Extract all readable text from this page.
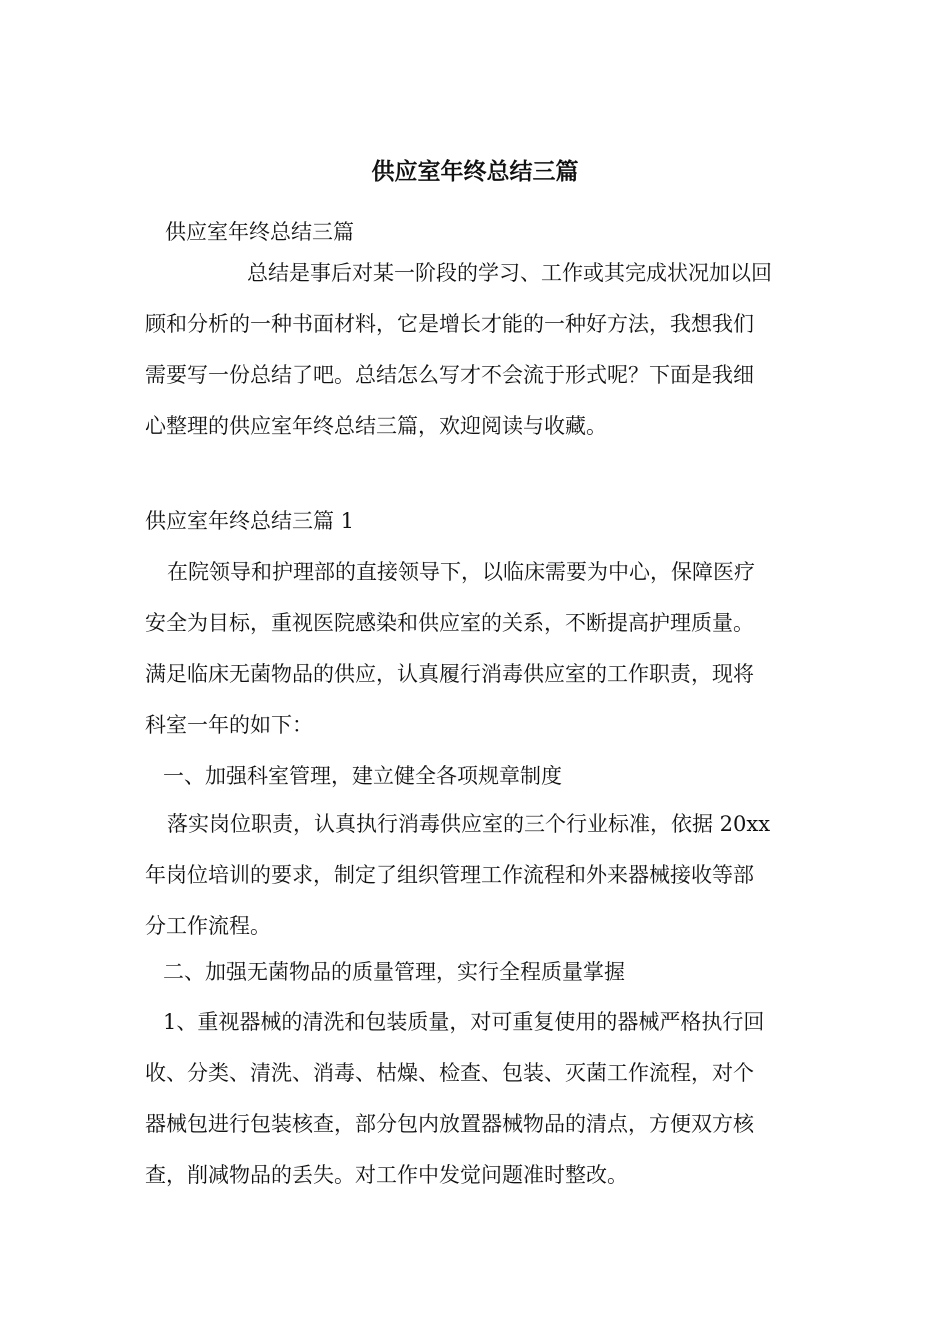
供应室年终总结三篇

供应室年终总结三篇

总结是事后对某一阶段的学习、工作或其完成状况加以回
顾和分析的一种书面材料，它是增长才能的一种好方法，我想我们
需要写一份总结了吧。总结怎么写才不会流于形式呢？下面是我细
心整理的供应室年终总结三篇，欢迎阅读与收藏。

供应室年终总结三篇 1

在院领导和护理部的直接领导下，以临床需要为中心，保障医疗
安全为目标，重视医院感染和供应室的关系，不断提高护理质量。
满足临床无菌物品的供应，认真履行消毒供应室的工作职责，现将
科室一年的如下：

一、加强科室管理，建立健全各项规章制度

落实岗位职责，认真执行消毒供应室的三个行业标准，依据 20xx
年岗位培训的要求，制定了组织管理工作流程和外来器械接收等部
分工作流程。

二、加强无菌物品的质量管理，实行全程质量掌握

1、重视器械的清洗和包装质量，对可重复使用的器械严格执行回
收、分类、清洗、消毒、枯燥、检查、包装、灭菌工作流程，对个
器械包进行包装核查，部分包内放置器械物品的清点，方便双方核
查，削减物品的丢失。对工作中发觉问题准时整改。
